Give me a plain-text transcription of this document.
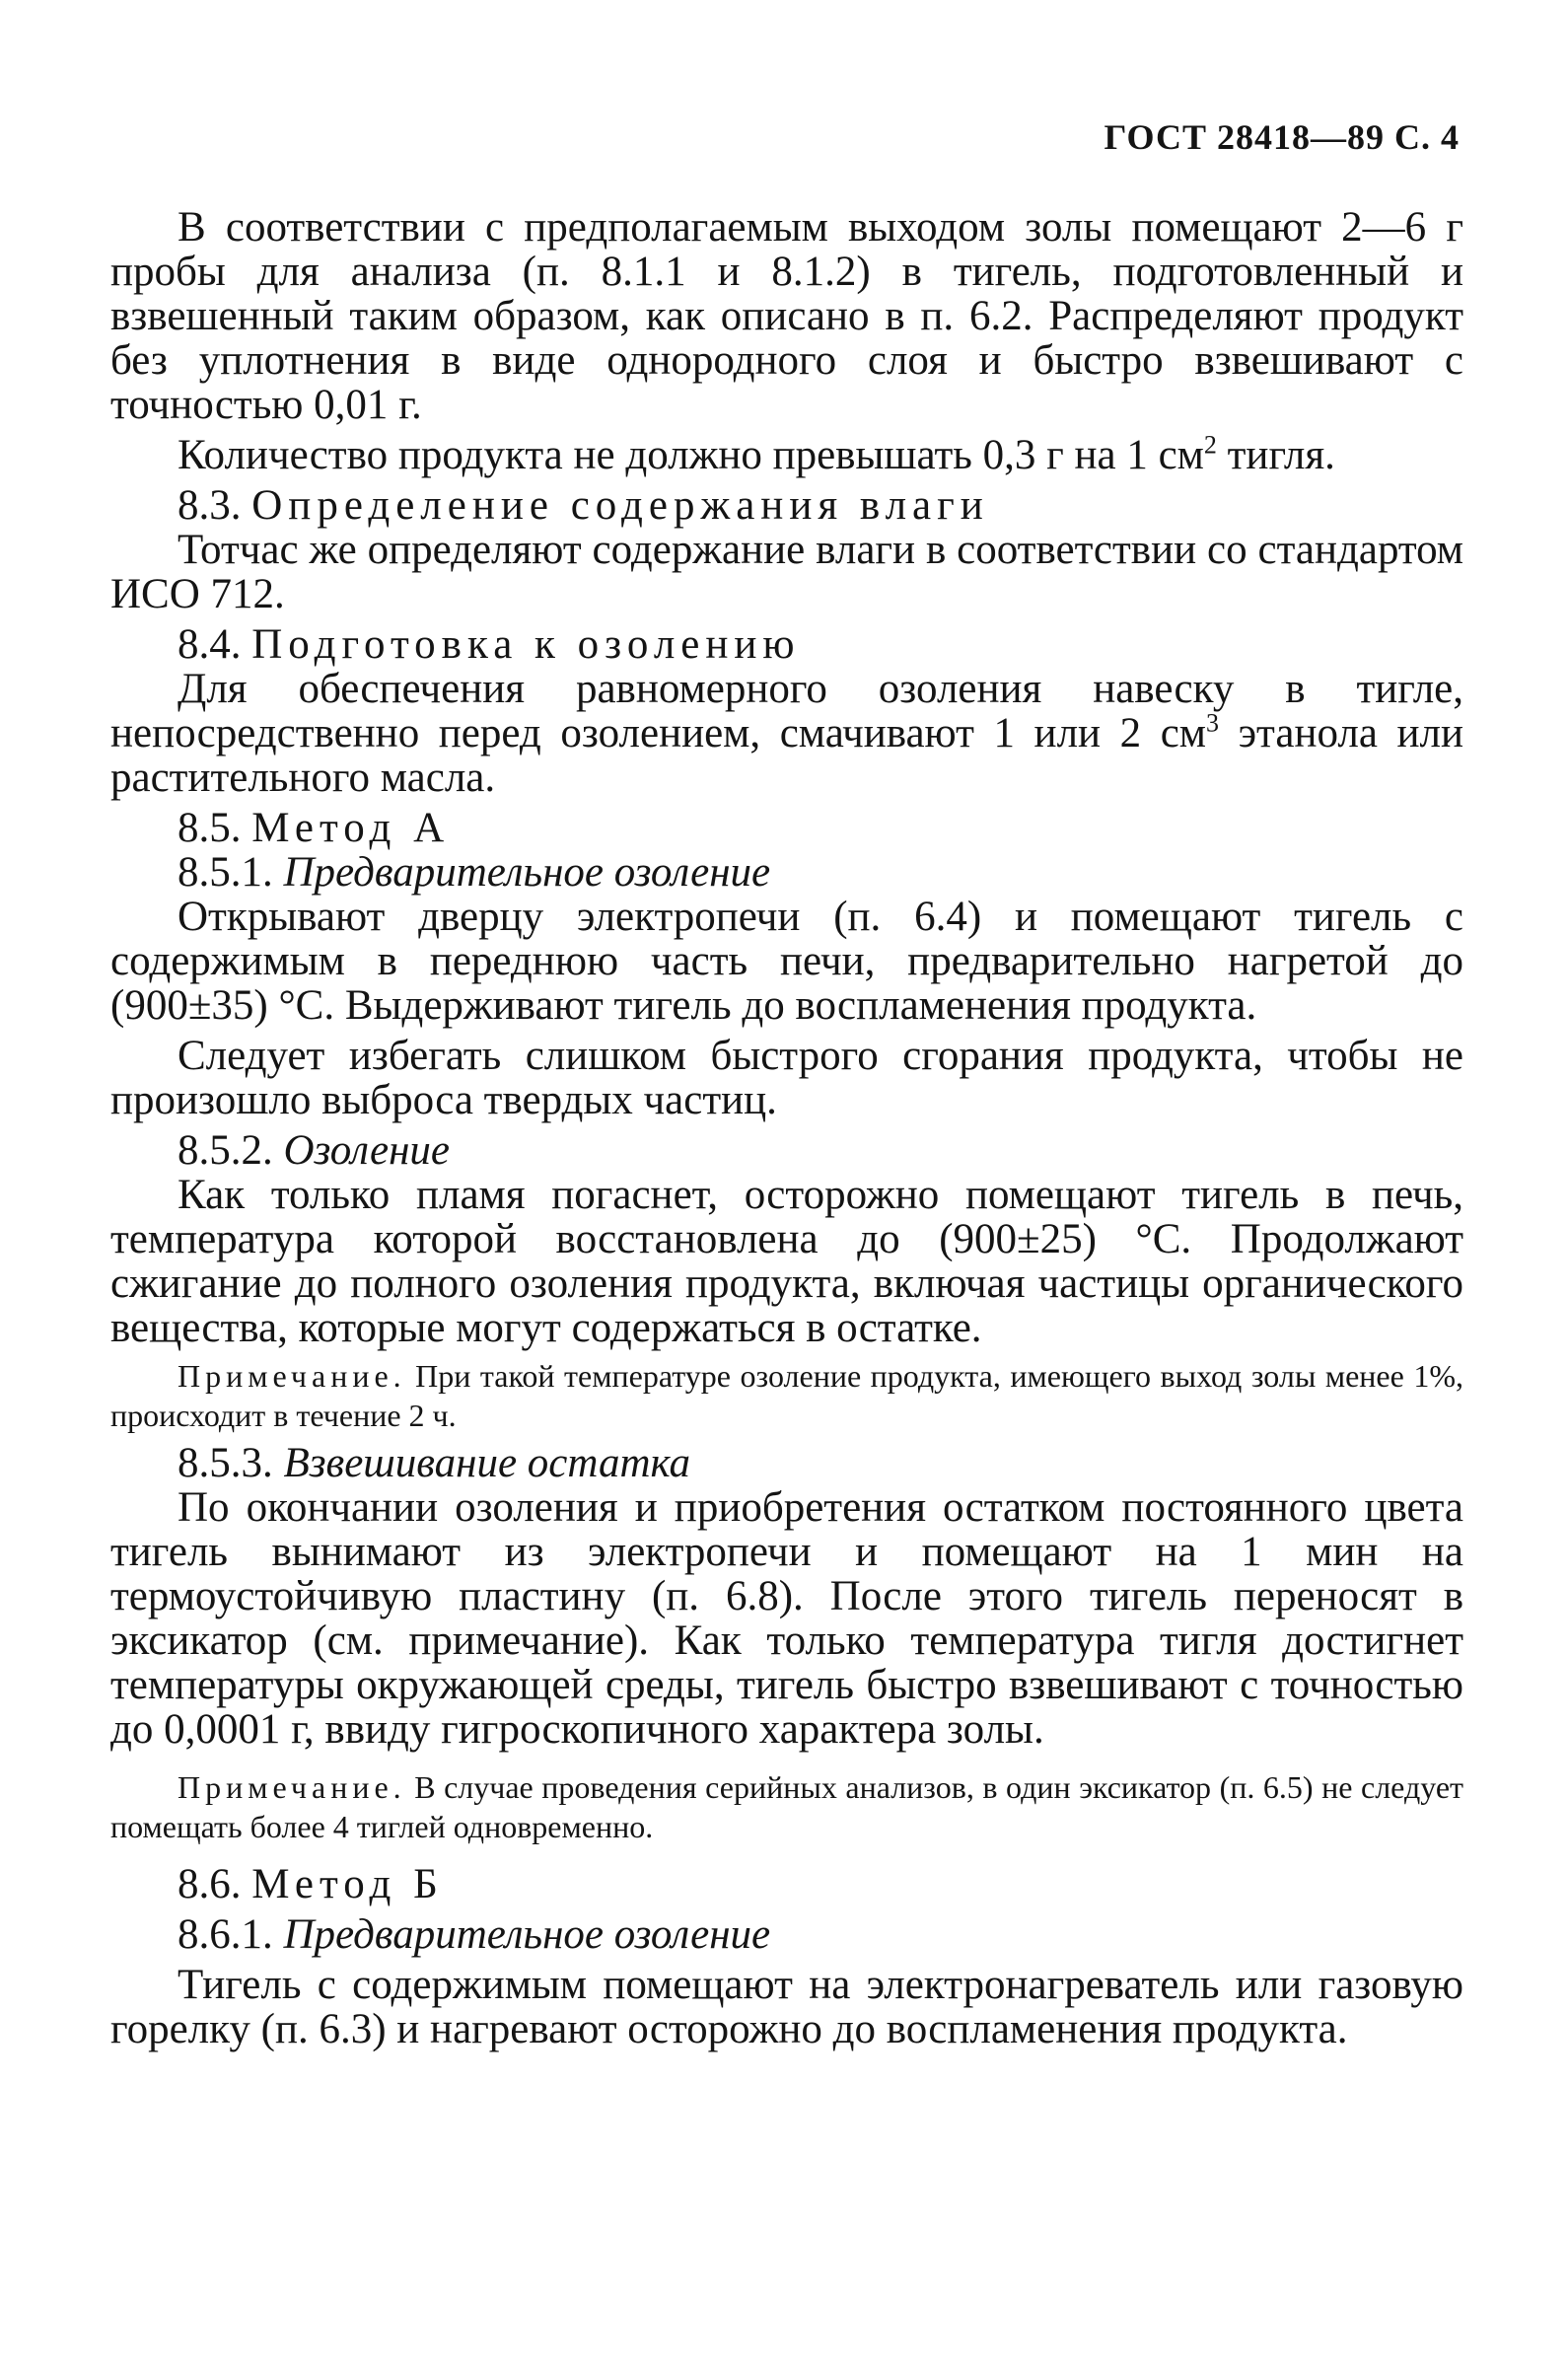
ГОСТ 28418—89 С. 4

В соответствии с предполагаемым выходом золы помещают 2—6 г пробы для анализа (п. 8.1.1 и 8.1.2) в тигель, подготовленный и взвешенный таким образом, как описано в п. 6.2. Распределяют продукт без уплотнения в виде однородного слоя и быстро взвешивают с точностью 0,01 г.

Количество продукта не должно превышать 0,3 г на 1 $см^2$ тигля.

8.3. Определение содержания влаги

Тотчас же определяют содержание влаги в соответствии со стандартом ИСО 712.

8.4. Подготовка к озолению

Для обеспечения равномерного озоления навеску в тигле, непосредственно перед озолением, смачивают 1 или 2 $см^3$ этанола или растительного масла.

8.5. Метод А

8.5.1. Предварительное озоление

Открывают дверцу электропечи (п. 6.4) и помещают тигель с содержимым в переднюю часть печи, предварительно нагретой до (900±35) °С. Выдерживают тигель до воспламенения продукта.

Следует избегать слишком быстрого сгорания продукта, чтобы не произошло выброса твердых частиц.

8.5.2. Озоление

Как только пламя погаснет, осторожно помещают тигель в печь, температура которой восстановлена до (900±25) °С. Продолжают сжигание до полного озоления продукта, включая частицы органического вещества, которые могут содержаться в остатке.

Примечание. При такой температуре озоление продукта, имеющего выход золы менее 1%, происходит в течение 2 ч.

8.5.3. Взвешивание остатка

По окончании озоления и приобретения остатком постоянного цвета тигель вынимают из электропечи и помещают на 1 мин на термоустойчивую пластину (п. 6.8). После этого тигель переносят в эксикатор (см. примечание). Как только температура тигля достигнет температуры окружающей среды, тигель быстро взвешивают с точностью до 0,0001 г, ввиду гигроскопичного характера золы.

Примечание. В случае проведения серийных анализов, в один эксикатор (п. 6.5) не следует помещать более 4 тиглей одновременно.

8.6. Метод Б

8.6.1. Предварительное озоление

Тигель с содержимым помещают на электронагреватель или газовую горелку (п. 6.3) и нагревают осторожно до воспламенения продукта.
